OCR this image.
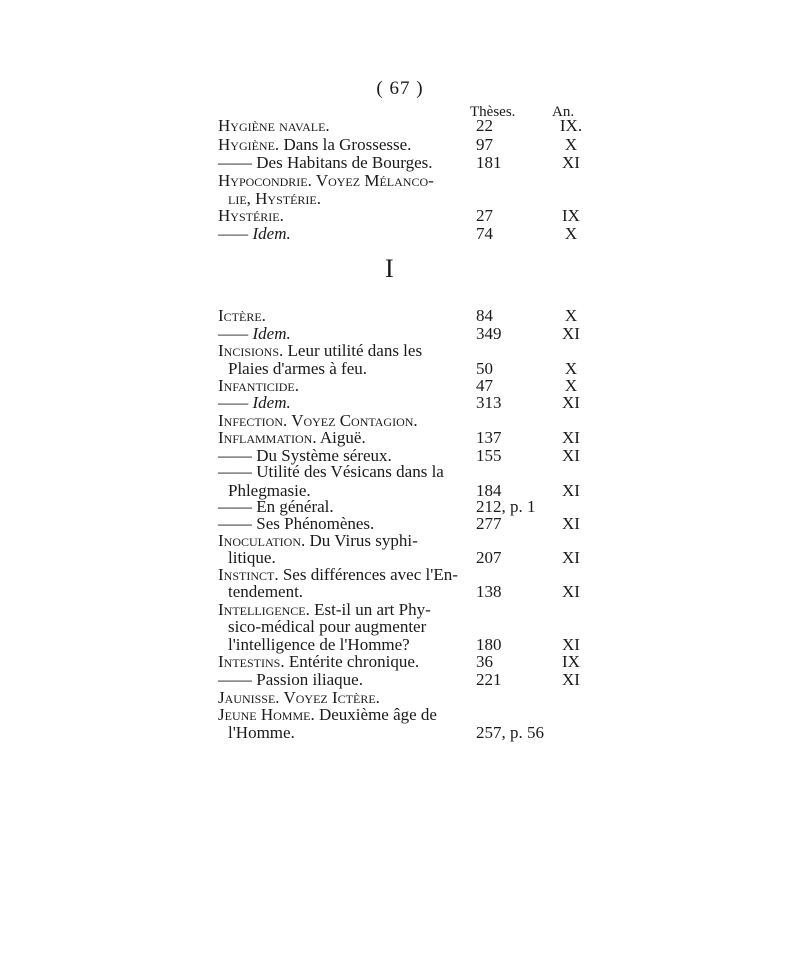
( 67 )
Thèses. An.
Hygiène navale.	22	IX.
Hygiène. Dans la Grossesse.	97	X
—— Des Habitans de Bourges.	181	XI
Hypocondrie. Voyez Mélanco-
lie, Hystérie.
Hystérie.	27	IX
—— Idem.	74	X
I
Ictère.	84	X
—— Idem.	349	XI
Incisions. Leur utilité dans les
Plaies d'armes à feu.	50	X
Infanticide.	47	X
—— Idem.	313	XI
Infection. Voyez Contagion.
Inflammation. Aiguë.	137	XI
—— Du Système séreux.	155	XI
—— Utilité des Vésicans dans la
Phlegmasie.	184	XI
—— En général.	212, p. 1
—— Ses Phénomènes.	277	XI
Inoculation. Du Virus syphi-
litique.	207	XI
Instinct. Ses différences avec l'En-
tendement.	138	XI
Intelligence. Est-il un art Phy-
sico-médical pour augmenter
l'intelligence de l'Homme?	180	XI
Intestins. Entérite chronique.	36	IX
—— Passion iliaque.	221	XI
Jaunisse. Voyez Ictère.
Jeune Homme. Deuxième âge de
l'Homme.	257, p. 56
